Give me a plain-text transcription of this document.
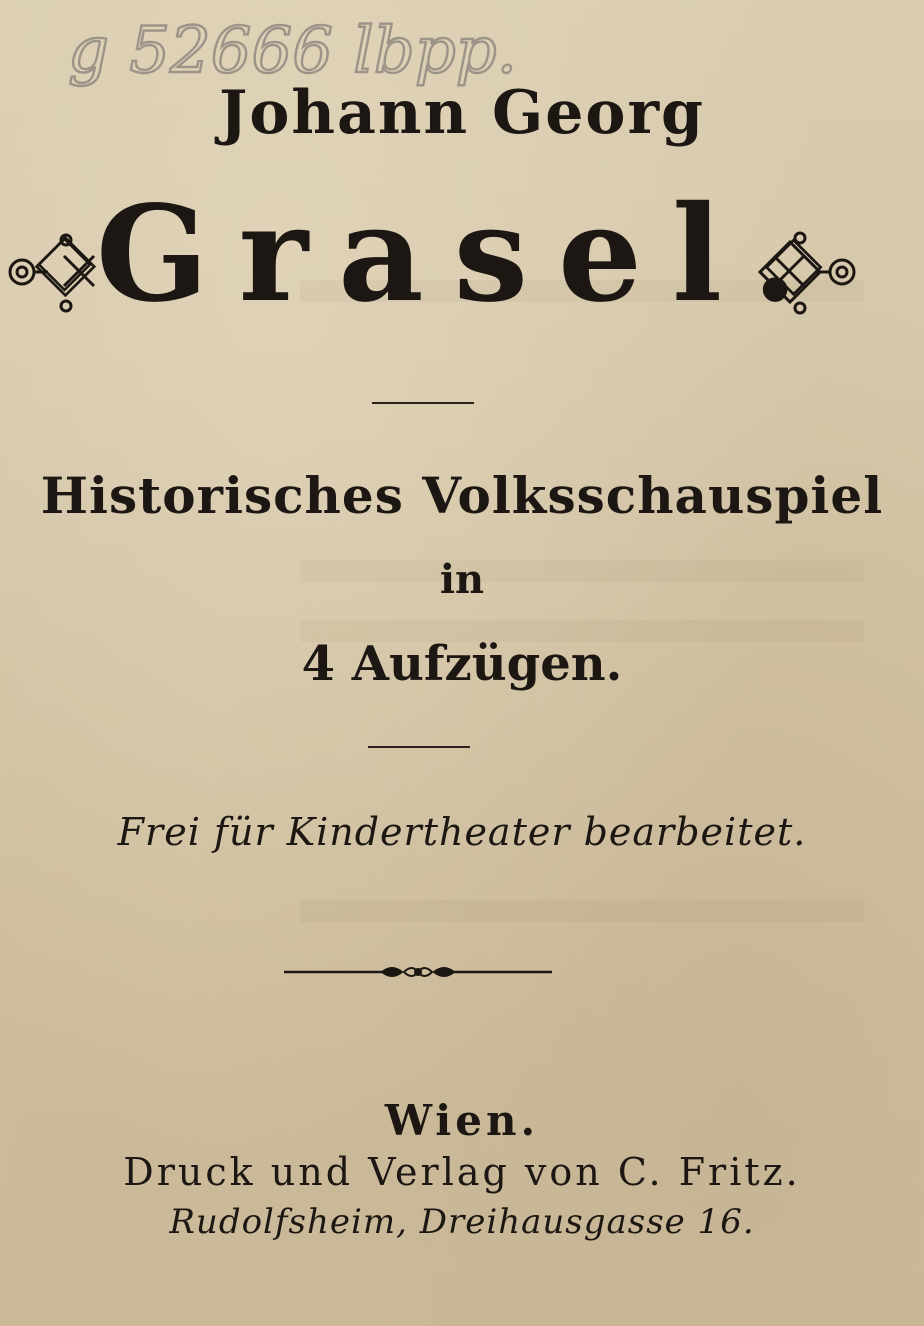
g 52666 lbpp.
Johann Georg
Grasel.
Historisches Volksschauspiel
in
4 Aufzügen.
Frei für Kindertheater bearbeitet.
Wien.
Druck und Verlag von C. Fritz.
Rudolfsheim, Dreihausgasse 16.
